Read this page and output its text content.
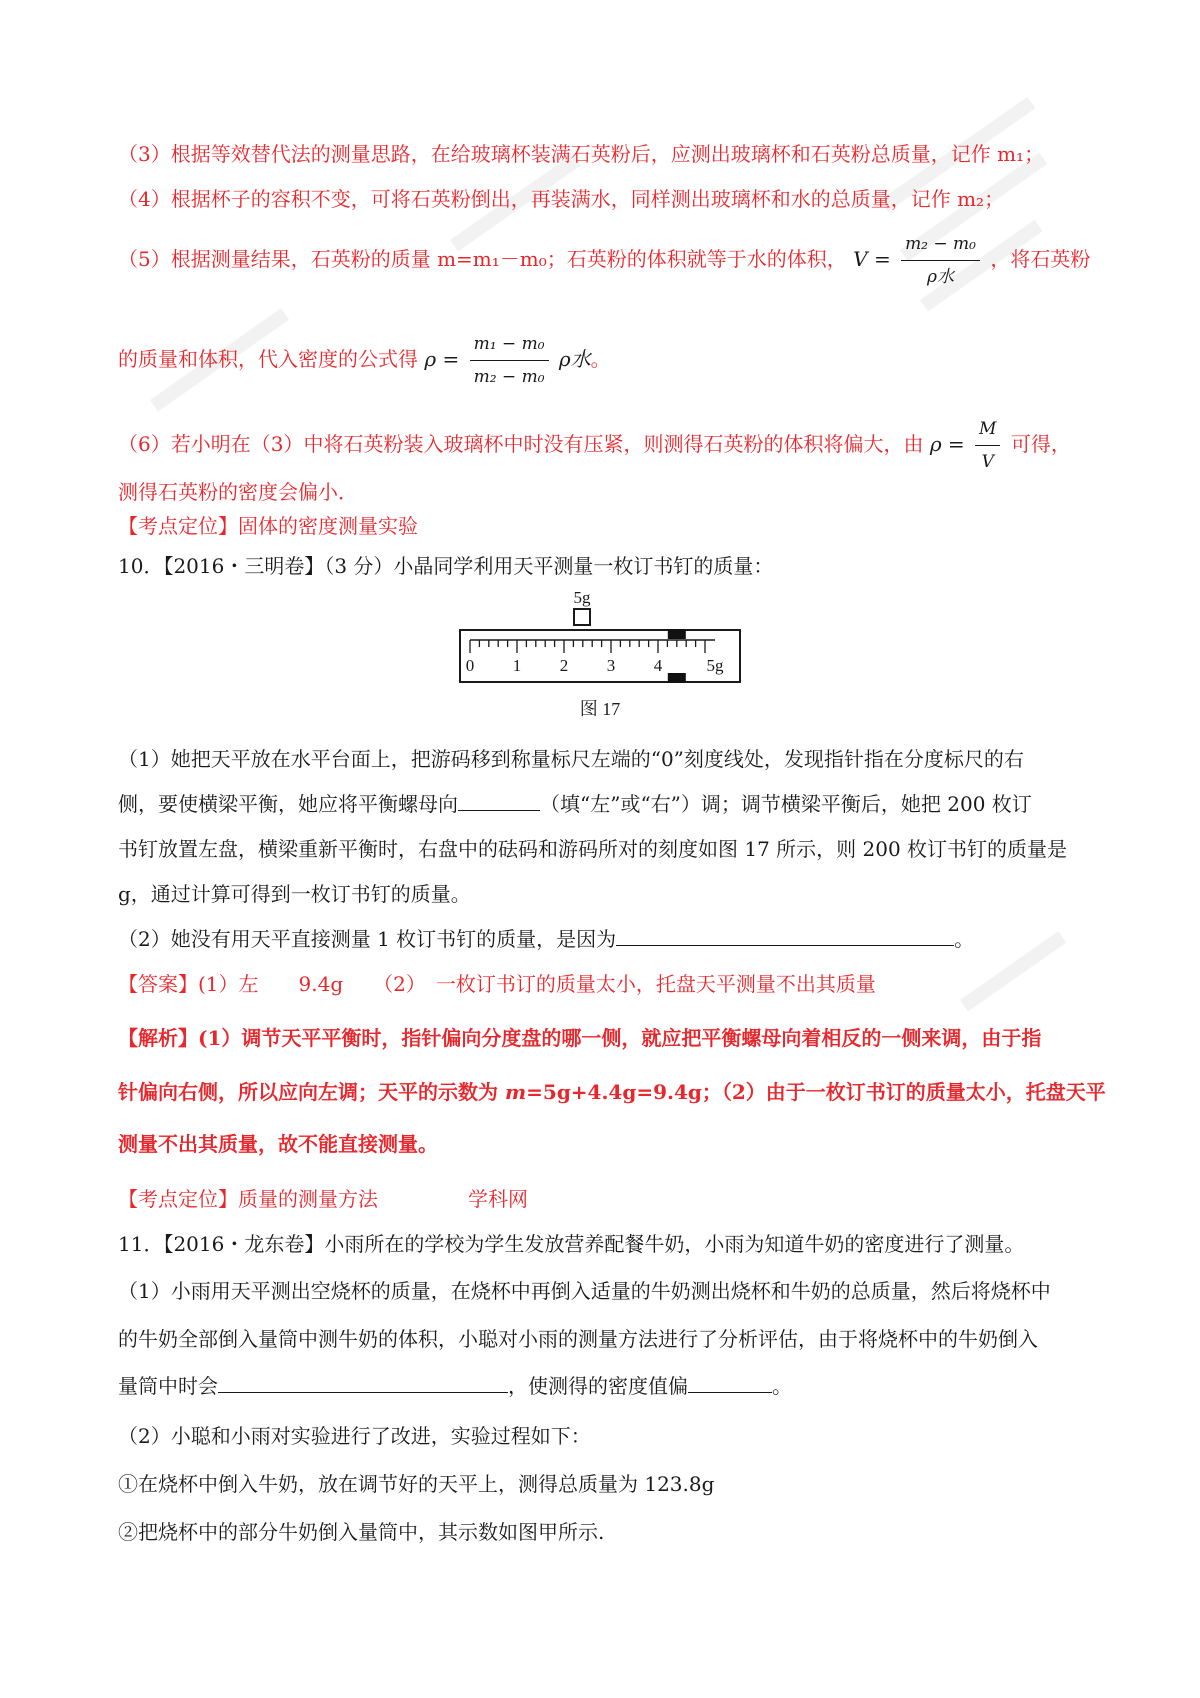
（3）根据等效替代法的测量思路，在给玻璃杯装满石英粉后，应测出玻璃杯和石英粉总质量，记作 m₁；
（4）根据杯子的容积不变，可将石英粉倒出，再装满水，同样测出玻璃杯和水的总质量，记作 m₂；
（5）根据测量结果，石英粉的质量 m=m₁－m₀；石英粉的体积就等于水的体积， $V = \frac{\text{m₂ − m₀}}{\text{ρ水}}$ ，将石英粉
的质量和体积，代入密度的公式得 $\rho = \frac{\text{m₁ − m₀}}{\text{m₂ − m₀}}$ ρ水。
（6）若小明在（3）中将石英粉装入玻璃杯中时没有压紧，则测得石英粉的体积将偏大，由 $\rho = \frac{M}{V}$ 可得，
测得石英粉的密度会偏小．
【考点定位】固体的密度测量实验
10．【2016・三明卷】（3 分）小晶同学利用天平测量一枚订书钉的质量：
5g
0 1 2 3 4	5g
图 17
（1）她把天平放在水平台面上，把游码移到称量标尺左端的“0”刻度线处，发现指针指在分度标尺的右
侧，要使横梁平衡，她应将平衡螺母向	（填“左”或“右”）调；调节横梁平衡后，她把 200 枚订
书钉放置左盘，横梁重新平衡时，右盘中的砝码和游码所对的刻度如图 17 所示，则 200 枚订书钉的质量是
g，通过计算可得到一枚订书钉的质量。
（2）她没有用天平直接测量 1 枚订书钉的质量，是因为	。
【答案】(1）左　　9.4g　　（2）　一枚订书订的质量太小，托盘天平测量不出其质量
【解析】(1）调节天平平衡时，指针偏向分度盘的哪一侧，就应把平衡螺母向着相反的一侧来调，由于指
针偏向右侧，所以应向左调；天平的示数为 m=5g+4.4g=9.4g；（2）由于一枚订书订的质量太小，托盘天平
测量不出其质量，故不能直接测量。
【考点定位】质量的测量方法	学科网
11．【2016・龙东卷】小雨所在的学校为学生发放营养配餐牛奶，小雨为知道牛奶的密度进行了测量。
（1）小雨用天平测出空烧杯的质量，在烧杯中再倒入适量的牛奶测出烧杯和牛奶的总质量，然后将烧杯中
的牛奶全部倒入量筒中测牛奶的体积，小聪对小雨的测量方法进行了分析评估，由于将烧杯中的牛奶倒入
量筒中时会	，使测得的密度值偏	。
（2）小聪和小雨对实验进行了改进，实验过程如下：
①在烧杯中倒入牛奶，放在调节好的天平上，测得总质量为 123.8g
②把烧杯中的部分牛奶倒入量筒中，其示数如图甲所示.
